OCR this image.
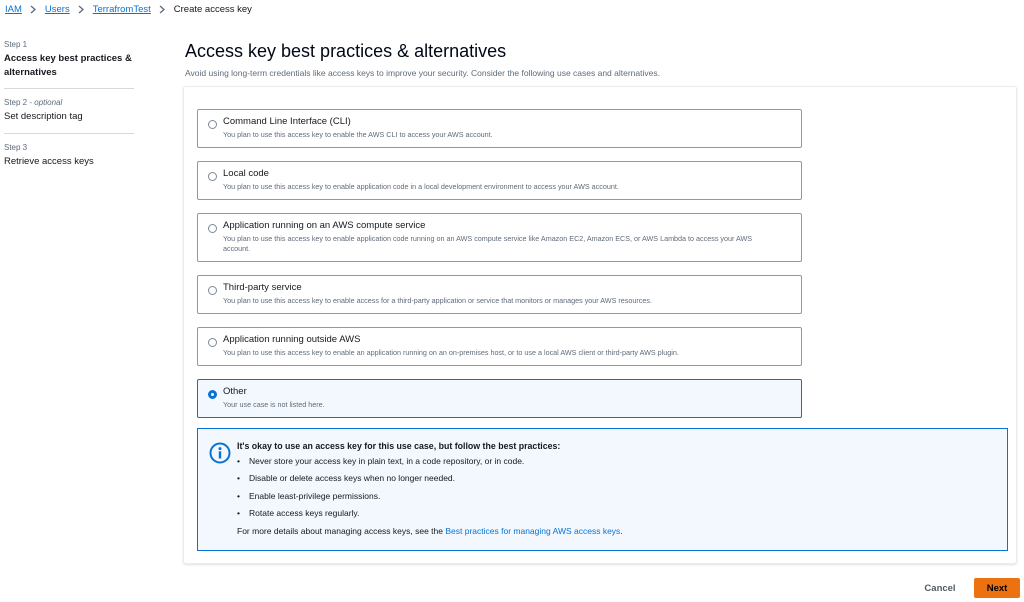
IAM Users TerrafromTest Create access key
Step 1
Access key best practices & alternatives
Step 2 - optional
Set description tag
Step 3
Retrieve access keys
Access key best practices & alternatives

Avoid using long-term credentials like access keys to improve your security. Consider the following use cases and alternatives.

Command Line Interface (CLI)
You plan to use this access key to enable the AWS CLI to access your AWS account.
Local code
You plan to use this access key to enable application code in a local development environment to access your AWS account.
Application running on an AWS compute service
You plan to use this access key to enable application code running on an AWS compute service like Amazon EC2, Amazon ECS, or AWS Lambda to access your AWS account.
Third-party service
You plan to use this access key to enable access for a third-party application or service that monitors or manages your AWS resources.
Application running outside AWS
You plan to use this access key to enable an application running on an on-premises host, or to use a local AWS client or third-party AWS plugin.
Other
Your use case is not listed here.
It's okay to use an access key for this use case, but follow the best practices:
• Never store your access key in plain text, in a code repository, or in code.
• Disable or delete access keys when no longer needed.
• Enable least-privilege permissions.
• Rotate access keys regularly.
For more details about managing access keys, see the Best practices for managing AWS access keys.
Cancel	Next
